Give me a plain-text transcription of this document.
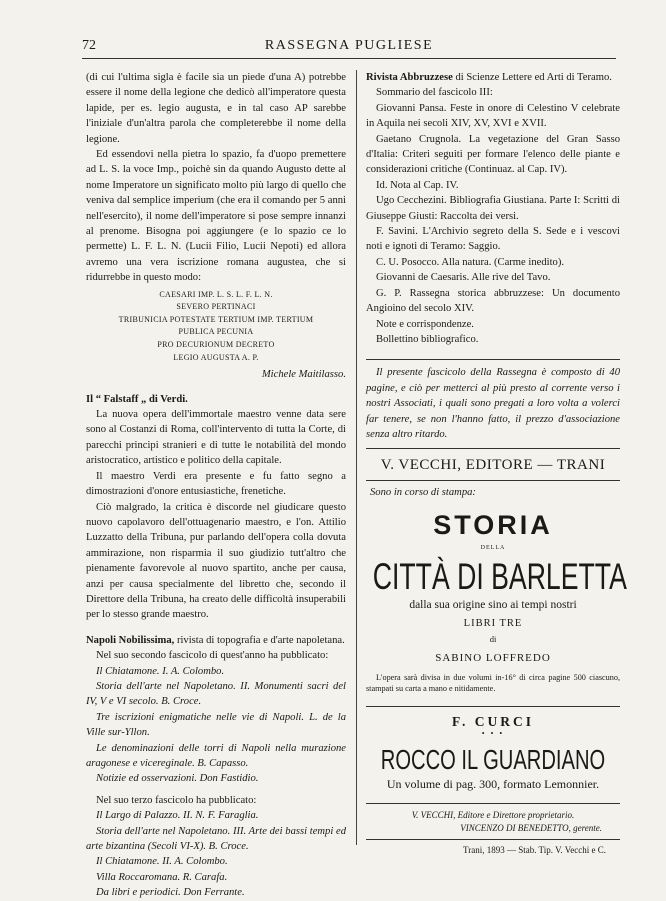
72	RASSEGNA PUGLIESE

(di cui l'ultima sigla è facile sia un piede d'una A) potrebbe essere il nome della legione che dedicò all'imperatore questa lapide, per es. legio augusta, e in tal caso AP sarebbe l'iniziale d'un'altra parola che completerebbe il nome della legione.

Ed essendovi nella pietra lo spazio, fa d'uopo premettere ad L. S. la voce Imp., poichè sin da quando Augusto dette al nome Imperatore un significato molto più largo di quello che veniva dal semplice imperium (che era il comando per 5 anni nell'esercito), il nome dell'imperatore si pose sempre innanzi al prenome. Bisogna poi aggiungere (e lo spazio ce lo permette) L. F. L. N. (Lucii Filio, Lucii Nepoti) ed allora avremo una vera iscrizione romana augustea, che si ridurrebbe in questo modo:

CAESARI IMP. L. S. L. F. L. N.
SEVERO PERTINACI
TRIBUNICIA POTESTATE TERTIUM IMP. TERTIUM
PUBLICA PECUNIA
PRO DECURIONUM DECRETO
LEGIO AUGUSTA A. P.
Michele Maitilasso.

Il “ Falstaff „ di Verdi.

La nuova opera dell'immortale maestro venne data sere sono al Costanzi di Roma, coll'intervento di tutta la Corte, di parecchi principi stranieri e di tutte le notabilità del mondo aristocratico, artistico e politico della capitale.

Il maestro Verdi era presente e fu fatto segno a dimostrazioni d'onore entusiastiche, frenetiche.

Ciò malgrado, la critica è discorde nel giudicare questo nuovo capolavoro dell'ottuagenario maestro, e l'on. Attilio Luzzatto della Tribuna, pur parlando dell'opera colla dovuta ammirazione, non risparmia il suo giudizio tutt'altro che pienamente favorevole al nuovo spartito, anche per causa, anzi per causa specialmente del libretto che, secondo il Direttore della Tribuna, ha creato delle difficoltà insuperabili per lo stesso grande maestro.

Napoli Nobilissima, rivista di topografia e d'arte napoletana.

Nel suo secondo fascicolo di quest'anno ha pubblicato:

Il Chiatamone. I. A. Colombo.

Storia dell'arte nel Napoletano. II. Monumenti sacri del IV, V e VI secolo. B. Croce.

Tre iscrizioni enigmatiche nelle vie di Napoli. L. de la Ville sur-Yllon.

Le denominazioni delle torri di Napoli nella murazione aragonese e vicereginale. B. Capasso.

Notizie ed osservazioni. Don Fastidio.

Nel suo terzo fascicolo ha pubblicato:

Il Largo di Palazzo. II. N. F. Faraglia.

Storia dell'arte nel Napoletano. III. Arte dei bassi tempi ed arte bizantina (Secoli VI-X). B. Croce.

Il Chiatamone. II. A. Colombo.

Villa Roccaromana. R. Carafa.

Da libri e periodici. Don Ferrante.

Rivista Abbruzzese di Scienze Lettere ed Arti di Teramo.

Sommario del fascicolo III:

Giovanni Pansa. Feste in onore di Celestino V celebrate in Aquila nei secoli XIV, XV, XVI e XVII.

Gaetano Crugnola. La vegetazione del Gran Sasso d'Italia: Criteri seguiti per formare l'elenco delle piante e considerazioni critiche (Continuaz. al Cap. IV).

Id. Nota al Cap. IV.

Ugo Cecchezini. Bibliografia Giustiana. Parte I: Scritti di Giuseppe Giusti: Raccolta dei versi.

F. Savini. L'Archivio segreto della S. Sede e i vescovi noti e ignoti di Teramo: Saggio.

C. U. Posocco. Alla natura. (Carme inedito).

Giovanni de Caesaris. Alle rive del Tavo.

G. P. Rassegna storica abbruzzese: Un documento Angioino del secolo XIV.

Note e corrispondenze.

Bollettino bibliografico.

Il presente fascicolo della Rassegna è composto di 40 pagine, e ciò per metterci al più presto al corrente verso i nostri Associati, i quali sono pregati a loro volta a volerci far tenere, se non l'hanno fatto, il prezzo d'associazione senza altro ritardo.

V. VECCHI, EDITORE — TRANI
Sono in corso di stampa:
STORIA
DELLA
CITTÀ DI BARLETTA
dalla sua origine sino ai tempi nostri
LIBRI TRE
di
SABINO LOFFREDO

L'opera sarà divisa in due volumi in-16° di circa pagine 500 ciascuno, stampati su carta a mano e nitidamente.

F. CURCI
• • •
ROCCO IL GUARDIANO
Un volume di pag. 300, formato Lemonnier.
V. VECCHI, Editore e Direttore proprietario.
VINCENZO DI BENEDETTO, gerente.
Trani, 1893 — Stab. Tip. V. Vecchi e C.
